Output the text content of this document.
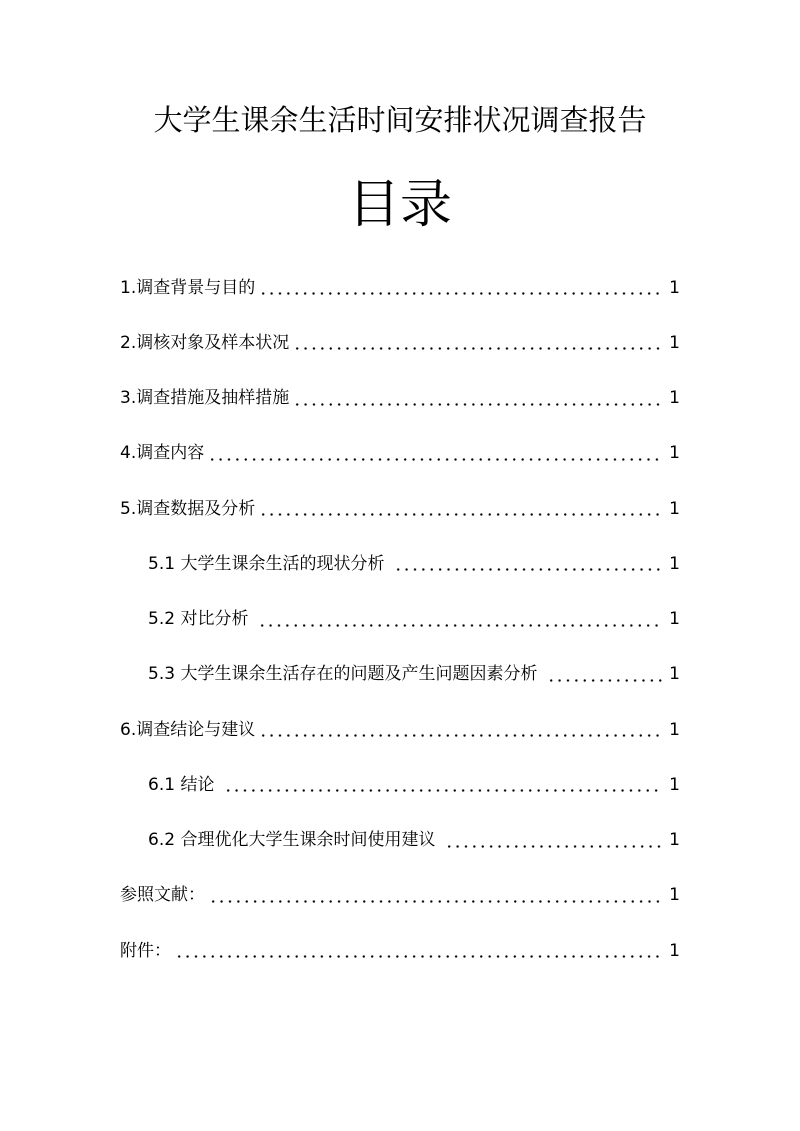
大学生课余生活时间安排状况调查报告
目录
1.调查背景与目的	1
2.调核对象及样本状况	1
3.调查措施及抽样措施	1
4.调查内容	1
5.调查数据及分析	1
5.1 大学生课余生活的现状分析	1
5.2 对比分析	1
5.3 大学生课余生活存在的问题及产生问题因素分析	1
6.调查结论与建议	1
6.1 结论	1
6.2 合理优化大学生课余时间使用建议	1
参照文献：	1
附件：	1
